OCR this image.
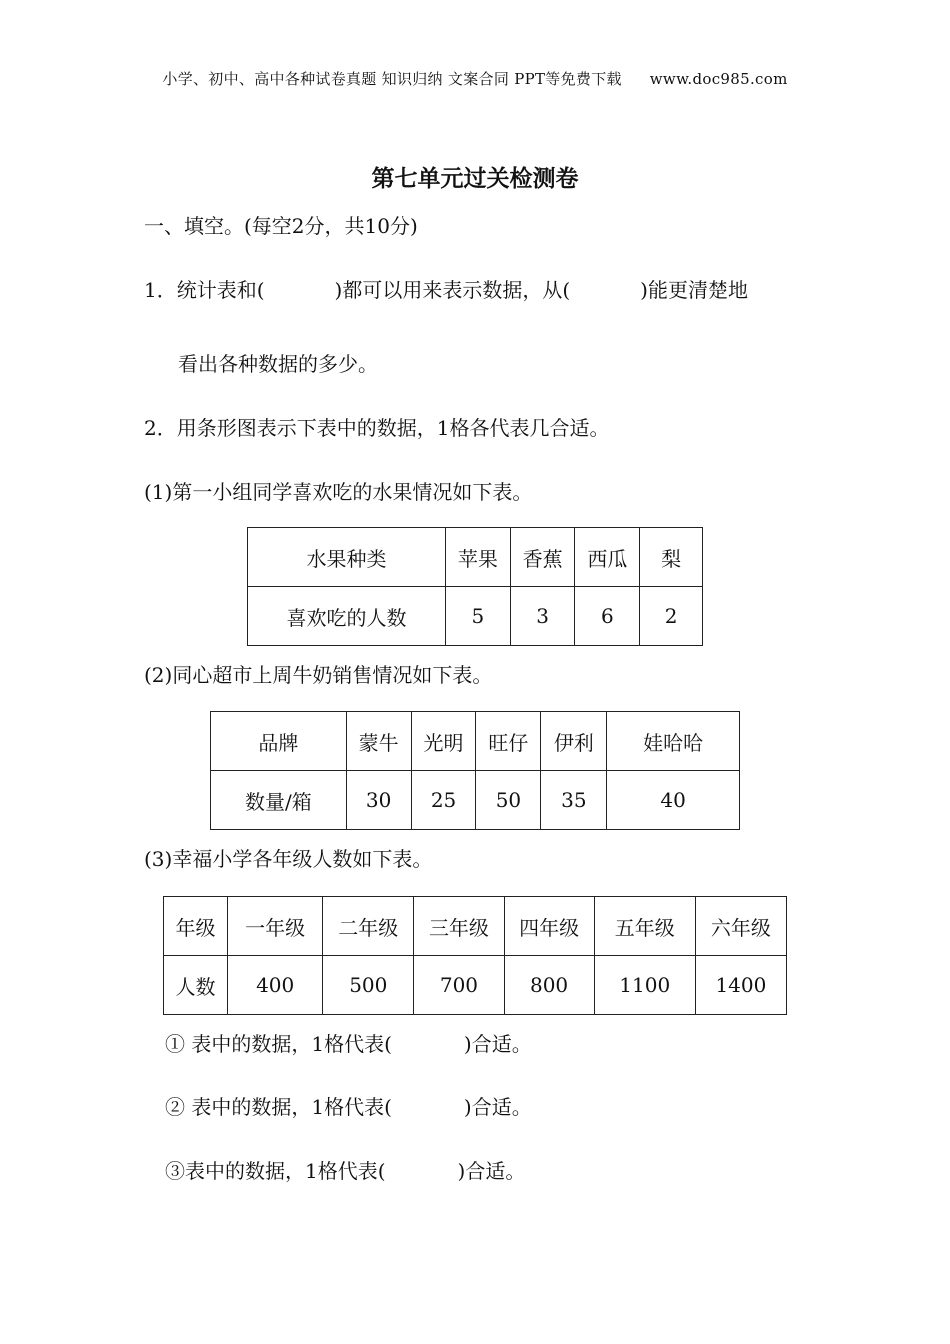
小学、初中、高中各种试卷真题 知识归纳 文案合同 PPT等免费下载 www.doc985.com
第七单元过关检测卷
一、填空。(每空2分，共10分)
1．统计表和(	)都可以用来表示数据，从(	)能更清楚地
看出各种数据的多少。
2．用条形图表示下表中的数据，1格各代表几合适。
(1)第一小组同学喜欢吃的水果情况如下表。
水果种类	苹果	香蕉	西瓜	梨
喜欢吃的人数	5	3	6	2
(2)同心超市上周牛奶销售情况如下表。
品牌	蒙牛	光明	旺仔	伊利	娃哈哈
数量/箱	30	25	50	35	40
(3)幸福小学各年级人数如下表。
年级	一年级	二年级	三年级	四年级	五年级	六年级
人数	400	500	700	800	1100	1400
① 表中的数据，1格代表(	)合适。
② 表中的数据，1格代表(	)合适。
③表中的数据，1格代表(	)合适。
